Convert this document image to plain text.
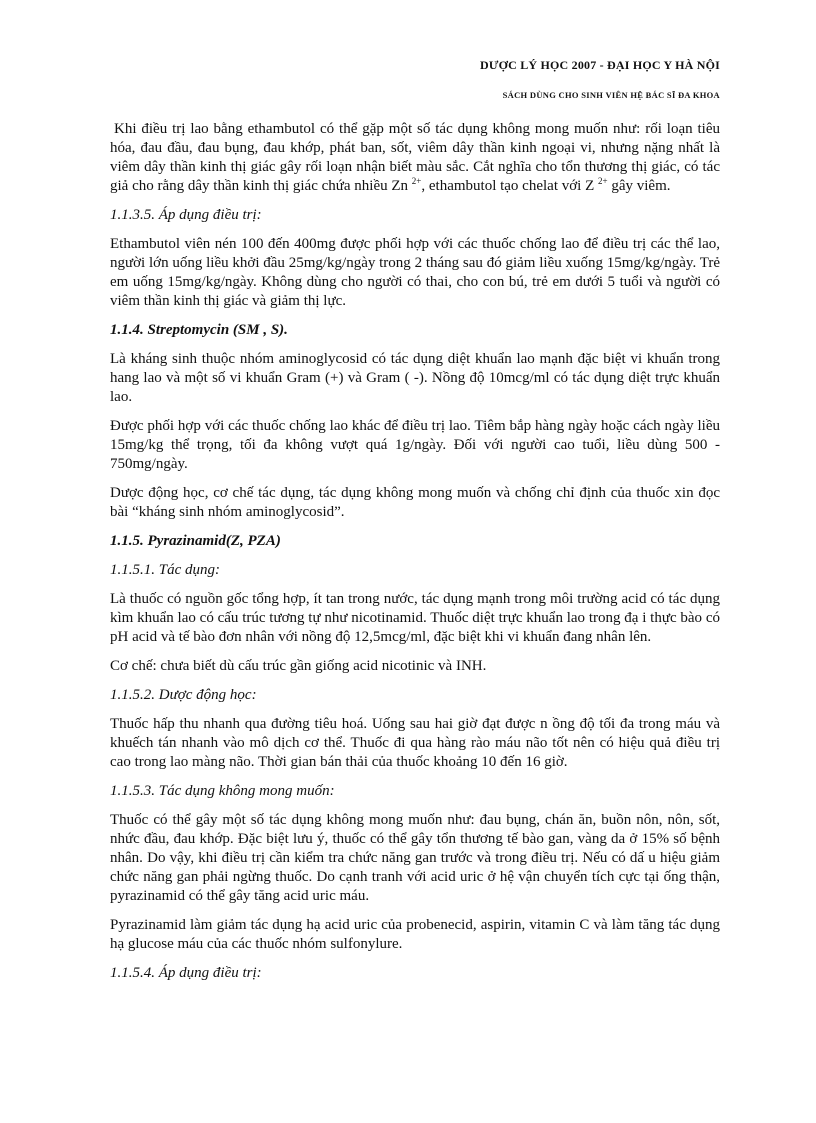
DƯỢC LÝ HỌC 2007 - ĐẠI HỌC Y HÀ NỘI
SÁCH DÙNG CHO SINH VIÊN HỆ BÁC SĨ ĐA KHOA

Khi điều trị lao bằng ethambutol có thể gặp một số tác dụng không mong muốn như: rối loạn tiêu hóa, đau đầu, đau bụng, đau khớp, phát ban, sốt, viêm dây thần kinh ngoại vi, nhưng nặng nhất là viêm dây thần kinh thị giác gây rối loạn nhận biết màu sắc. Cắt nghĩa cho tổn thương thị giác, có tác giả cho rằng dây thần kinh thị giác chứa nhiều Zn $^{2+}$, ethambutol tạo chelat với Z $^{2+}$ gây viêm.

1.1.3.5. Áp dụng điều trị:

Ethambutol viên nén 100 đến 400mg được phối hợp với các thuốc chống lao để điều trị các thể lao, người lớn uống liều khởi đầu 25mg/kg/ngày trong 2 tháng sau đó giảm liều xuống 15mg/kg/ngày. Trẻ em uống 15mg/kg/ngày. Không dùng cho người có thai, cho con bú, trẻ em dưới 5 tuổi và người có viêm thần kinh thị giác và giảm thị lực.

1.1.4. Streptomycin (SM , S).

Là kháng sinh thuộc nhóm aminoglycosid có tác dụng diệt khuẩn lao mạnh đặc biệt vi khuẩn trong hang lao và một số vi khuẩn Gram (+) và Gram ( -). Nồng độ 10mcg/ml có tác dụng diệt trực khuẩn lao.

Được phối hợp với các thuốc chống lao khác để điều trị lao. Tiêm bắp hàng ngày hoặc cách ngày liều 15mg/kg thể trọng, tối đa không vượt quá 1g/ngày. Đối với người cao tuổi, liều dùng 500 - 750mg/ngày.

Dược động học, cơ chế tác dụng, tác dụng không mong muốn và chống chỉ định của thuốc xin đọc bài “kháng sinh nhóm aminoglycosid”.

1.1.5. Pyrazinamid(Z, PZA)
1.1.5.1. Tác dụng:

Là thuốc có nguồn gốc tổng hợp, ít tan trong nước, tác dụng mạnh trong môi trường acid có tác dụng kìm khuẩn lao có cấu trúc tương tự như nicotinamid. Thuốc diệt trực khuẩn lao trong đạ i thực bào có pH acid và tế bào đơn nhân với nồng độ 12,5mcg/ml, đặc biệt khi vi khuẩn đang nhân lên.

Cơ chế: chưa biết dù cấu trúc gần giống acid nicotinic và INH.

1.1.5.2. Dược động học:

Thuốc hấp thu nhanh qua đường tiêu hoá. Uống sau hai giờ đạt được n ồng độ tối đa trong máu và khuếch tán nhanh vào mô dịch cơ thể. Thuốc đi qua hàng rào máu não tốt nên có hiệu quả điều trị cao trong lao màng não. Thời gian bán thải của thuốc khoảng 10 đến 16 giờ.

1.1.5.3. Tác dụng không mong muốn:

Thuốc có thể gây một số tác dụng không mong muốn như: đau bụng, chán ăn, buồn nôn, nôn, sốt, nhức đầu, đau khớp. Đặc biệt lưu ý, thuốc có thể gây tổn thương tế bào gan, vàng da ở 15% số bệnh nhân. Do vậy, khi điều trị cần kiểm tra chức năng gan trước và trong điều trị. Nếu có dấ u hiệu giảm chức năng gan phải ngừng thuốc. Do cạnh tranh với acid uric ở hệ vận chuyển tích cực tại ống thận, pyrazinamid có thể gây tăng acid uric máu.

Pyrazinamid làm giảm tác dụng hạ acid uric của probenecid, aspirin, vitamin C và làm tăng tác dụng hạ glucose máu của các thuốc nhóm sulfonylure.

1.1.5.4. Áp dụng điều trị:
